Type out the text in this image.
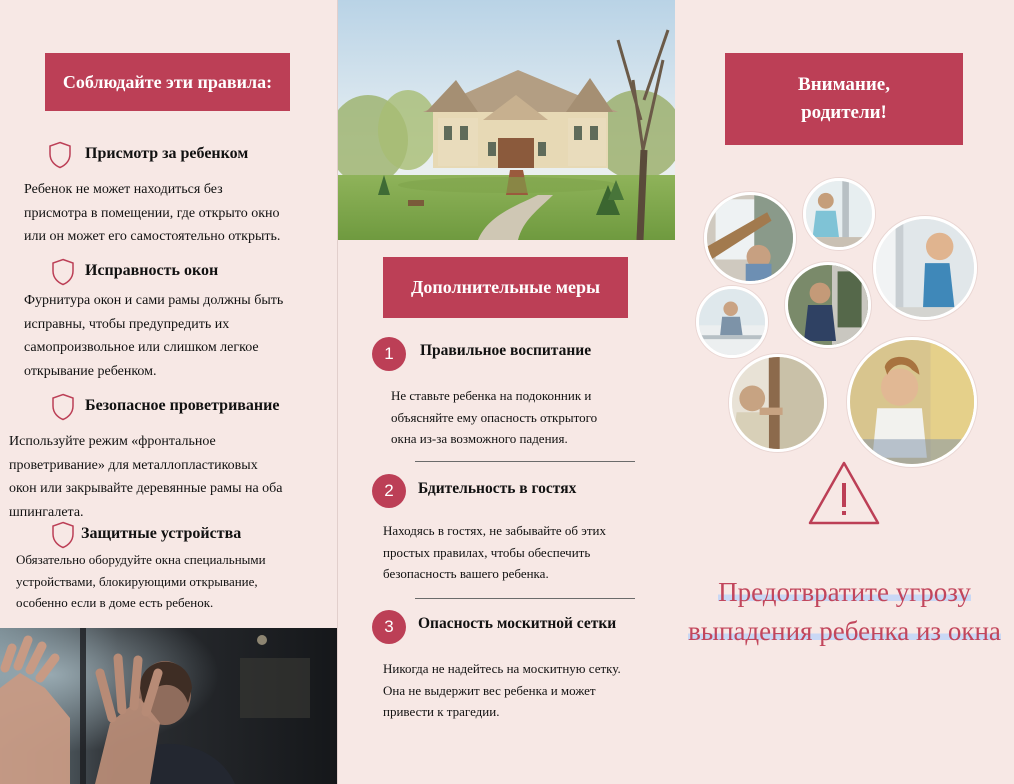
Соблюдайте эти правила:
Присмотр за ребенком
Ребенок не может находиться без
присмотра в помещении, где открыто окно
или он может его самостоятельно открыть.
Исправность окон
Фурнитура окон и сами рамы должны быть
исправны, чтобы предупредить их
самопроизвольное или слишком легкое
открывание ребенком.
Безопасное проветривание
Используйте режим «фронтальное
проветривание» для металлопластиковых
окон или закрывайте деревянные рамы на оба
шпингалета.
Защитные устройства
Обязательно оборудуйте окна специальными
устройствами, блокирующими открывание,
особенно если в доме есть ребенок.
Дополнительные меры
1	Правильное воспитание
Не ставьте ребенка на подоконник и
объясняйте ему опасность открытого
окна из-за возможного падения.
2	Бдительность в гостях
Находясь в гостях, не забывайте об этих
простых правилах, чтобы обеспечить
безопасность вашего ребенка.
3	Опасность москитной сетки
Никогда не надейтесь на москитную сетку.
Она не выдержит вес ребенка и может
привести к трагедии.
Внимание,
родители!
Предотвратите угрозу
выпадения ребенка из окна
